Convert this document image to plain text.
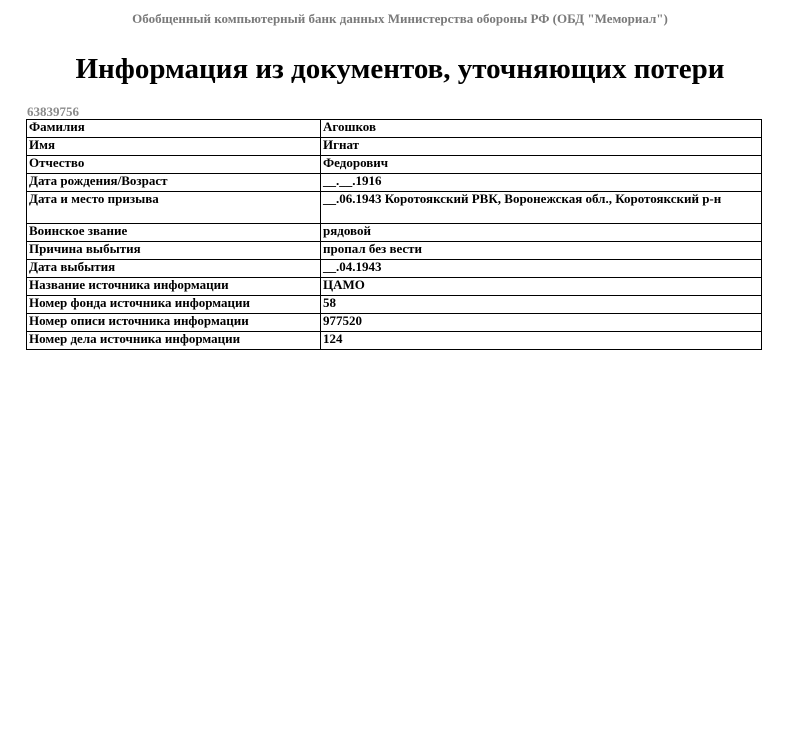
Обобщенный компьютерный банк данных Министерства обороны РФ (ОБД "Мемориал")
Информация из документов, уточняющих потери
63839756
Фамилия	Агошков
Имя	Игнат
Отчество	Федорович
Дата рождения/Возраст	__.__.1916
Дата и место призыва	__.06.1943 Коротоякский РВК, Воронежская обл., Коротоякский р-н
Воинское звание	рядовой
Причина выбытия	пропал без вести
Дата выбытия	__.04.1943
Название источника информации	ЦАМО
Номер фонда источника информации	58
Номер описи источника информации	977520
Номер дела источника информации	124
